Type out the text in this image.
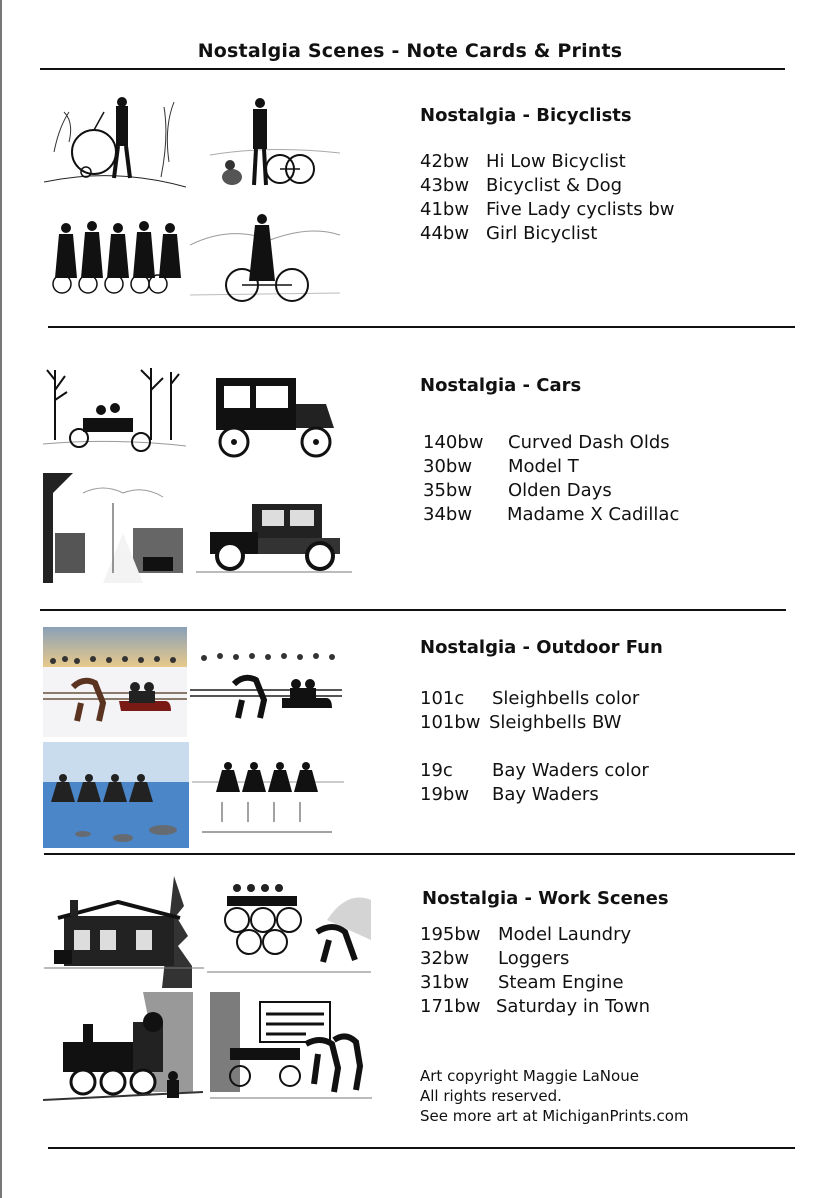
Nostalgia Scenes - Note Cards & Prints
Nostalgia - Bicyclists
42bw Hi Low Bicyclist
43bw Bicyclist & Dog
41bw Five Lady cyclists bw
44bw Girl Bicyclist
Nostalgia - Cars
140bw Curved Dash Olds
30bw Model T
35bw Olden Days
34bw Madame X Cadillac
Nostalgia - Outdoor Fun
101c Sleighbells color
101bw Sleighbells BW
19c Bay Waders color
19bw Bay Waders
Nostalgia - Work Scenes
195bw Model Laundry
32bw Loggers
31bw Steam Engine
171bw Saturday in Town
Art copyright Maggie LaNoue
All rights reserved.
See more art at MichiganPrints.com
